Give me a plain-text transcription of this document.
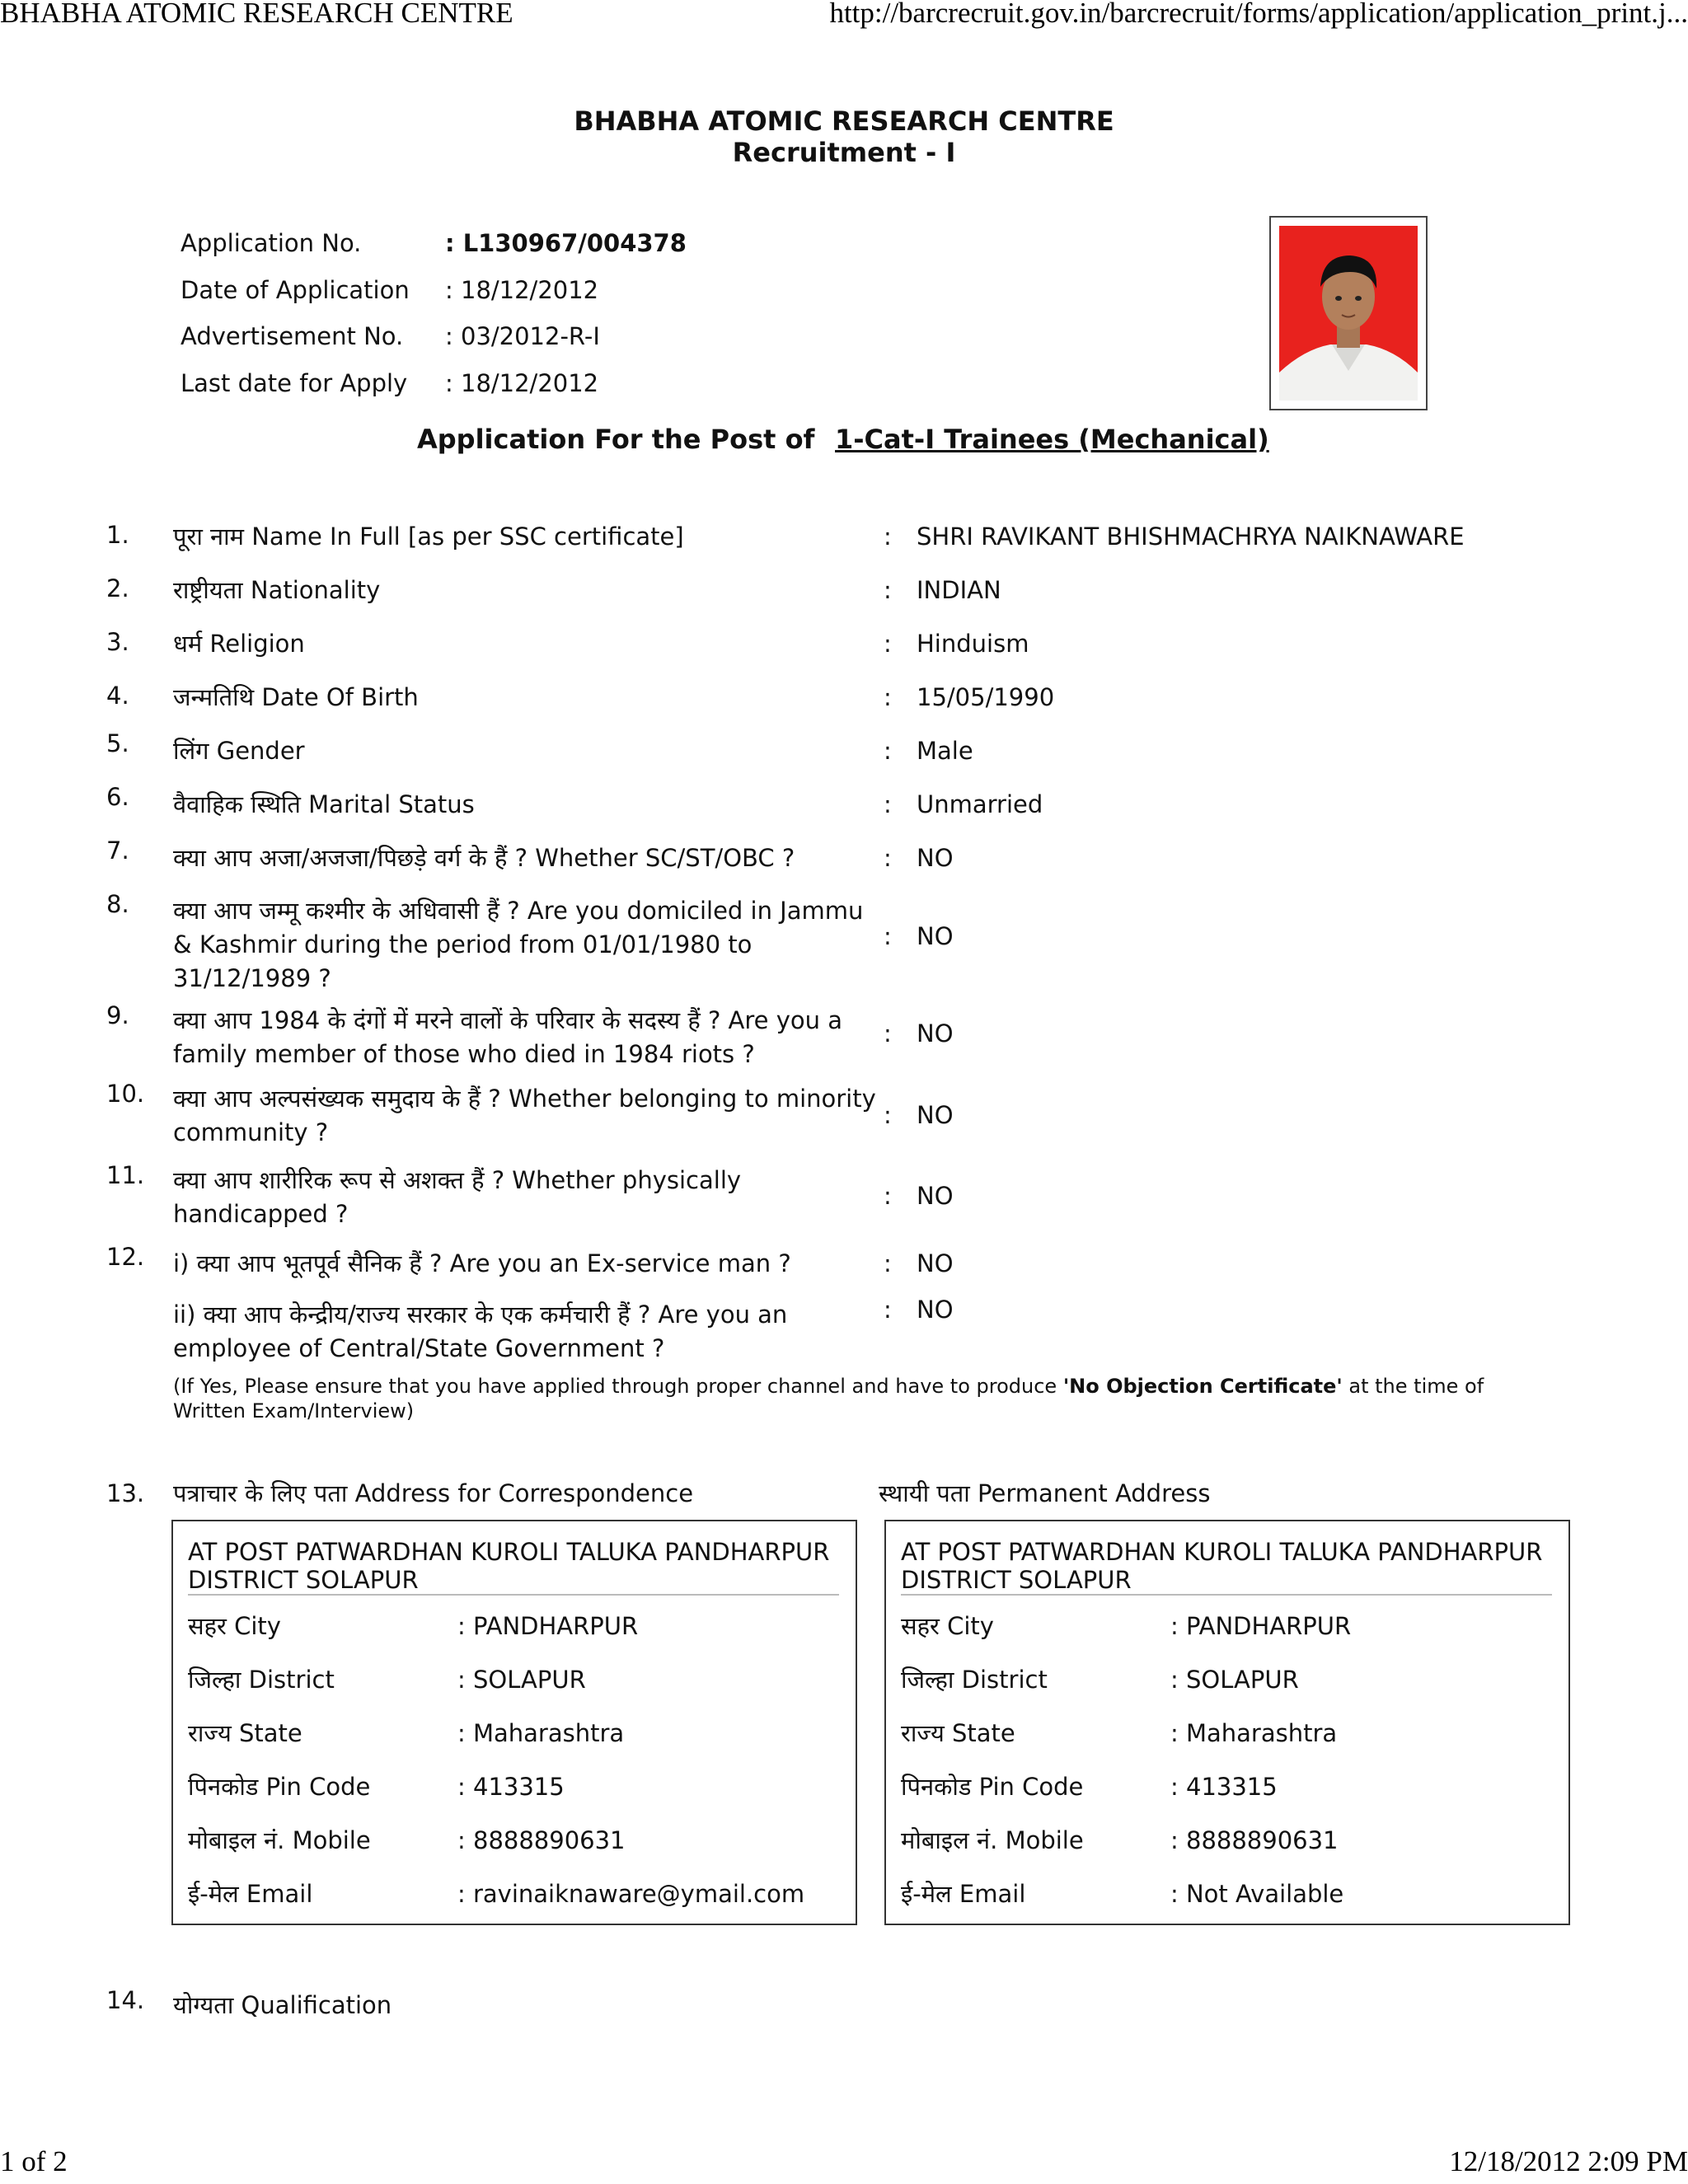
BHABHA ATOMIC RESEARCH CENTRE	http://barcrecruit.gov.in/barcrecruit/forms/application/application_print.j...
1 of 2	12/18/2012 2:09 PM
BHABHA ATOMIC RESEARCH CENTRE
Recruitment - I
Application No.	: L130967/004378
Date of Application : 18/12/2012
Advertisement No. : 03/2012-R-I
Last date for Apply : 18/12/2012
Application For the Post of 1-Cat-I Trainees (Mechanical)
1. पूरा नाम Name In Full [as per SSC certificate]	: SHRI RAVIKANT BHISHMACHRYA NAIKNAWARE
2. राष्ट्रीयता Nationality	: INDIAN
3. धर्म Religion	: Hinduism
4. जन्मतिथि Date Of Birth	: 15/05/1990
5. लिंग Gender	: Male
6. वैवाहिक स्थिति Marital Status	: Unmarried
7. क्या आप अजा/अजजा/पिछड़े वर्ग के हैं ? Whether SC/ST/OBC ?	: NO
8. क्या आप जम्मू कश्मीर के अधिवासी हैं ? Are you domiciled in Jammu & Kashmir during the period from 01/01/1980 to 31/12/1989 ?
: NO
9. क्या आप 1984 के दंगों में मरने वालों के परिवार के सदस्य हैं ? Are you a family member of those who died in 1984 riots ?
: NO
10. क्या आप अल्पसंख्यक समुदाय के हैं ? Whether belonging to minority community ?
: NO
11. क्या आप शारीरिक रूप से अशक्त हैं ? Whether physically handicapped ?
: NO
12. i) क्या आप भूतपूर्व सैनिक हैं ? Are you an Ex-service man ?	: NO
ii) क्या आप केन्द्रीय/राज्य सरकार के एक कर्मचारी हैं ? Are you an employee of Central/State Government ?
: NO
(If Yes, Please ensure that you have applied through proper channel and have to produce 'No Objection Certificate' at the time of Written Exam/Interview)
13. पत्राचार के लिए पता Address for Correspondence	स्थायी पता Permanent Address
AT POST PATWARDHAN KUROLI TALUKA PANDHARPUR DISTRICT SOLAPUR
सहर City	: PANDHARPUR
जिल्हा District	: SOLAPUR
राज्य State	: Maharashtra
पिनकोड Pin Code	: 413315
मोबाइल नं. Mobile	: 8888890631
ई-मेल Email	: ravinaiknaware@ymail.com
AT POST PATWARDHAN KUROLI TALUKA PANDHARPUR DISTRICT SOLAPUR
सहर City	: PANDHARPUR
जिल्हा District	: SOLAPUR
राज्य State	: Maharashtra
पिनकोड Pin Code	: 413315
मोबाइल नं. Mobile	: 8888890631
ई-मेल Email	: Not Available
14. योग्यता Qualification
